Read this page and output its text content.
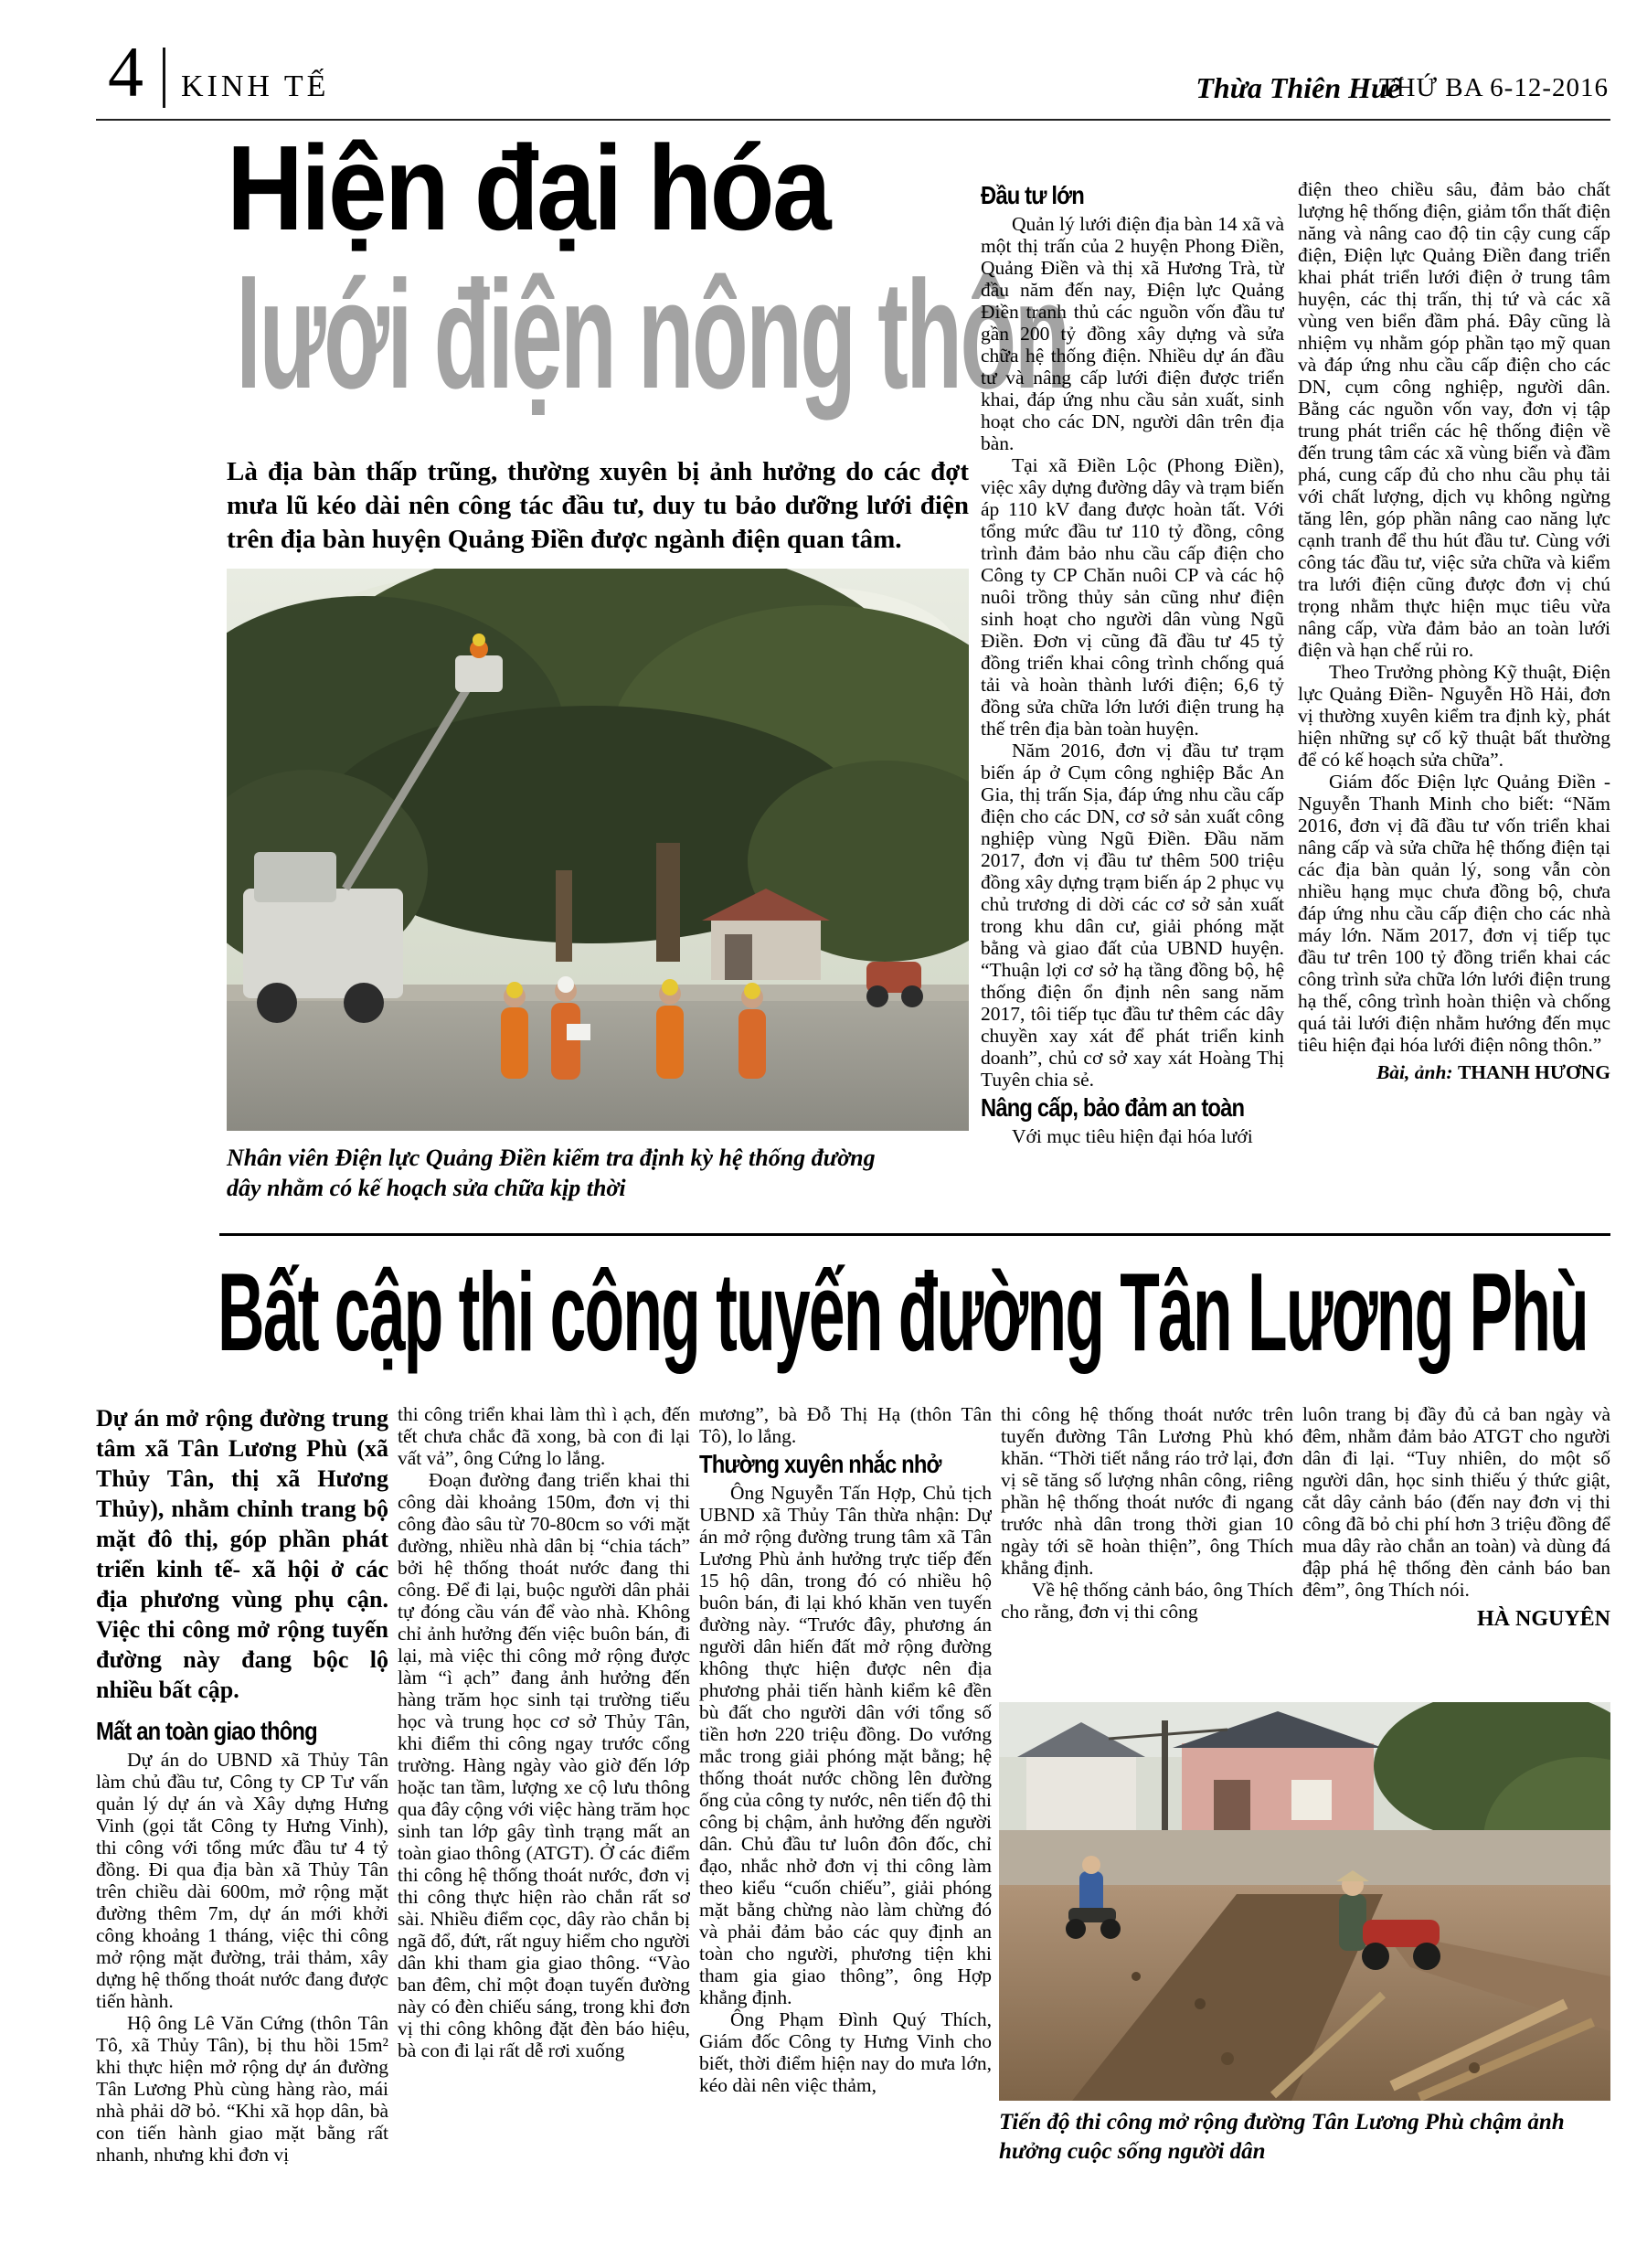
4 KINH TẾ	Thừa Thiên Huế
THỨ BA 6-12-2016
Hiện đại hóa
lưới điện nông thôn

Là địa bàn thấp trũng, thường xuyên bị ảnh hưởng do các đợt mưa lũ kéo dài nên công tác đầu tư, duy tu bảo dưỡng lưới điện trên địa bàn huyện Quảng Điền được ngành điện quan tâm.

Nhân viên Điện lực Quảng Điền kiểm tra định kỳ hệ thống đường dây nhằm có kế hoạch sửa chữa kịp thời

Đầu tư lớn

Quản lý lưới điện địa bàn 14 xã và một thị trấn của 2 huyện Phong Điền, Quảng Điền và thị xã Hương Trà, từ đầu năm đến nay, Điện lực Quảng Điền tranh thủ các nguồn vốn đầu tư gần 200 tỷ đồng xây dựng và sửa chữa hệ thống điện. Nhiều dự án đầu tư và nâng cấp lưới điện được triển khai, đáp ứng nhu cầu sản xuất, sinh hoạt cho các DN, người dân trên địa bàn.

Tại xã Điền Lộc (Phong Điền), việc xây dựng đường dây và trạm biến áp 110 kV đang được hoàn tất. Với tổng mức đầu tư 110 tỷ đồng, công trình đảm bảo nhu cầu cấp điện cho Công ty CP Chăn nuôi CP và các hộ nuôi trồng thủy sản cũng như điện sinh hoạt cho người dân vùng Ngũ Điền. Đơn vị cũng đã đầu tư 45 tỷ đồng triển khai công trình chống quá tải và hoàn thành lưới điện; 6,6 tỷ đồng sửa chữa lớn lưới điện trung hạ thế trên địa bàn toàn huyện.

Năm 2016, đơn vị đầu tư trạm biến áp ở Cụm công nghiệp Bắc An Gia, thị trấn Sịa, đáp ứng nhu cầu cấp điện cho các DN, cơ sở sản xuất công nghiệp vùng Ngũ Điền. Đầu năm 2017, đơn vị đầu tư thêm 500 triệu đồng xây dựng trạm biến áp 2 phục vụ chủ trương di dời các cơ sở sản xuất trong khu dân cư, giải phóng mặt bằng và giao đất của UBND huyện. “Thuận lợi cơ sở hạ tầng đồng bộ, hệ thống điện ổn định nên sang năm 2017, tôi tiếp tục đầu tư thêm các dây chuyền xay xát để phát triển kinh doanh”, chủ cơ sở xay xát Hoàng Thị Tuyên chia sẻ.

Nâng cấp, bảo đảm an toàn

Với mục tiêu hiện đại hóa lưới

điện theo chiều sâu, đảm bảo chất lượng hệ thống điện, giảm tổn thất điện năng và nâng cao độ tin cậy cung cấp điện, Điện lực Quảng Điền đang triển khai phát triển lưới điện ở trung tâm huyện, các thị trấn, thị tứ và các xã vùng ven biển đầm phá. Đây cũng là nhiệm vụ nhằm góp phần tạo mỹ quan và đáp ứng nhu cầu cấp điện cho các DN, cụm công nghiệp, người dân. Bằng các nguồn vốn vay, đơn vị tập trung phát triển các hệ thống điện về đến trung tâm các xã vùng biển và đầm phá, cung cấp đủ cho nhu cầu phụ tải với chất lượng, dịch vụ không ngừng tăng lên, góp phần nâng cao năng lực cạnh tranh để thu hút đầu tư. Cùng với công tác đầu tư, việc sửa chữa và kiểm tra lưới điện cũng được đơn vị chú trọng nhằm thực hiện mục tiêu vừa nâng cấp, vừa đảm bảo an toàn lưới điện và hạn chế rủi ro.

Theo Trưởng phòng Kỹ thuật, Điện lực Quảng Điền- Nguyễn Hồ Hải, đơn vị thường xuyên kiểm tra định kỳ, phát hiện những sự cố kỹ thuật bất thường để có kế hoạch sửa chữa”.

Giám đốc Điện lực Quảng Điền - Nguyễn Thanh Minh cho biết: “Năm 2016, đơn vị đã đầu tư vốn triển khai nâng cấp và sửa chữa hệ thống điện tại các địa bàn quản lý, song vẫn còn nhiều hạng mục chưa đồng bộ, chưa đáp ứng nhu cầu cấp điện cho các nhà máy lớn. Năm 2017, đơn vị tiếp tục đầu tư trên 100 tỷ đồng triển khai các công trình sửa chữa lớn lưới điện trung hạ thế, công trình hoàn thiện và chống quá tải lưới điện nhằm hướng đến mục tiêu hiện đại hóa lưới điện nông thôn.”

Bài, ảnh: THANH HƯƠNG

Bất cập thi công tuyến đường Tân Lương Phù

Dự án mở rộng đường trung tâm xã Tân Lương Phù (xã Thủy Tân, thị xã Hương Thủy), nhằm chỉnh trang bộ mặt đô thị, góp phần phát triển kinh tế- xã hội ở các địa phương vùng phụ cận. Việc thi công mở rộng tuyến đường này đang bộc lộ nhiều bất cập.

Mất an toàn giao thông

Dự án do UBND xã Thủy Tân làm chủ đầu tư, Công ty CP Tư vấn quản lý dự án và Xây dựng Hưng Vinh (gọi tắt Công ty Hưng Vinh), thi công với tổng mức đầu tư 4 tỷ đồng. Đi qua địa bàn xã Thủy Tân trên chiều dài 600m, mở rộng mặt đường thêm 7m, dự án mới khởi công khoảng 1 tháng, việc thi công mở rộng mặt đường, trải thảm, xây dựng hệ thống thoát nước đang được tiến hành.

Hộ ông Lê Văn Cứng (thôn Tân Tô, xã Thủy Tân), bị thu hồi 15m² khi thực hiện mở rộng dự án đường Tân Lương Phù cùng hàng rào, mái nhà phải dỡ bỏ. “Khi xã họp dân, bà con tiến hành giao mặt bằng rất nhanh, nhưng khi đơn vị

thi công triển khai làm thì ì ạch, đến tết chưa chắc đã xong, bà con đi lại vất vả”, ông Cứng lo lắng.

Đoạn đường đang triển khai thi công dài khoảng 150m, đơn vị thi công đào sâu từ 70-80cm so với mặt đường, nhiều nhà dân bị “chia tách” bởi hệ thống thoát nước đang thi công. Để đi lại, buộc người dân phải tự đóng cầu ván để vào nhà. Không chỉ ảnh hưởng đến việc buôn bán, đi lại, mà việc thi công mở rộng được làm “ì ạch” đang ảnh hưởng đến hàng trăm học sinh tại trường tiểu học và trung học cơ sở Thủy Tân, khi điểm thi công ngay trước cổng trường. Hàng ngày vào giờ đến lớp hoặc tan tầm, lượng xe cộ lưu thông qua đây cộng với việc hàng trăm học sinh tan lớp gây tình trạng mất an toàn giao thông (ATGT). Ở các điểm thi công hệ thống thoát nước, đơn vị thi công thực hiện rào chắn rất sơ sài. Nhiều điểm cọc, dây rào chắn bị ngã đổ, đứt, rất nguy hiểm cho người dân khi tham gia giao thông. “Vào ban đêm, chỉ một đoạn tuyến đường này có đèn chiếu sáng, trong khi đơn vị thi công không đặt đèn báo hiệu, bà con đi lại rất dễ rơi xuống

mương”, bà Đỗ Thị Hạ (thôn Tân Tô), lo lắng.

Thường xuyên nhắc nhở

Ông Nguyễn Tấn Hợp, Chủ tịch UBND xã Thủy Tân thừa nhận: Dự án mở rộng đường trung tâm xã Tân Lương Phù ảnh hưởng trực tiếp đến 15 hộ dân, trong đó có nhiều hộ buôn bán, đi lại khó khăn ven tuyến đường này. “Trước đây, phương án người dân hiến đất mở rộng đường không thực hiện được nên địa phương phải tiến hành kiểm kê đền bù đất cho người dân với tổng số tiền hơn 220 triệu đồng. Do vướng mắc trong giải phóng mặt bằng; hệ thống thoát nước chồng lên đường ống của công ty nước, nên tiến độ thi công bị chậm, ảnh hưởng đến người dân. Chủ đầu tư luôn đôn đốc, chỉ đạo, nhắc nhở đơn vị thi công làm theo kiểu “cuốn chiếu”, giải phóng mặt bằng chừng nào làm chừng đó và phải đảm bảo các quy định an toàn cho người, phương tiện khi tham gia giao thông”, ông Hợp khẳng định.

Ông Phạm Đình Quý Thích, Giám đốc Công ty Hưng Vinh cho biết, thời điểm hiện nay do mưa lớn, kéo dài nên việc thảm,

thi công hệ thống thoát nước trên tuyến đường Tân Lương Phù khó khăn. “Thời tiết nắng ráo trở lại, đơn vị sẽ tăng số lượng nhân công, riêng phần hệ thống thoát nước đi ngang trước nhà dân trong thời gian 10 ngày tới sẽ hoàn thiện”, ông Thích khẳng định.

Về hệ thống cảnh báo, ông Thích cho rằng, đơn vị thi công

luôn trang bị đầy đủ cả ban ngày và đêm, nhằm đảm bảo ATGT cho người dân đi lại. “Tuy nhiên, do một số người dân, học sinh thiếu ý thức giật, cắt dây cảnh báo (đến nay đơn vị thi công đã bỏ chi phí hơn 3 triệu đồng để mua dây rào chắn an toàn) và dùng đá đập phá hệ thống đèn cảnh báo ban đêm”, ông Thích nói.

HÀ NGUYÊN

Tiến độ thi công mở rộng đường Tân Lương Phù chậm ảnh hưởng cuộc sống người dân
